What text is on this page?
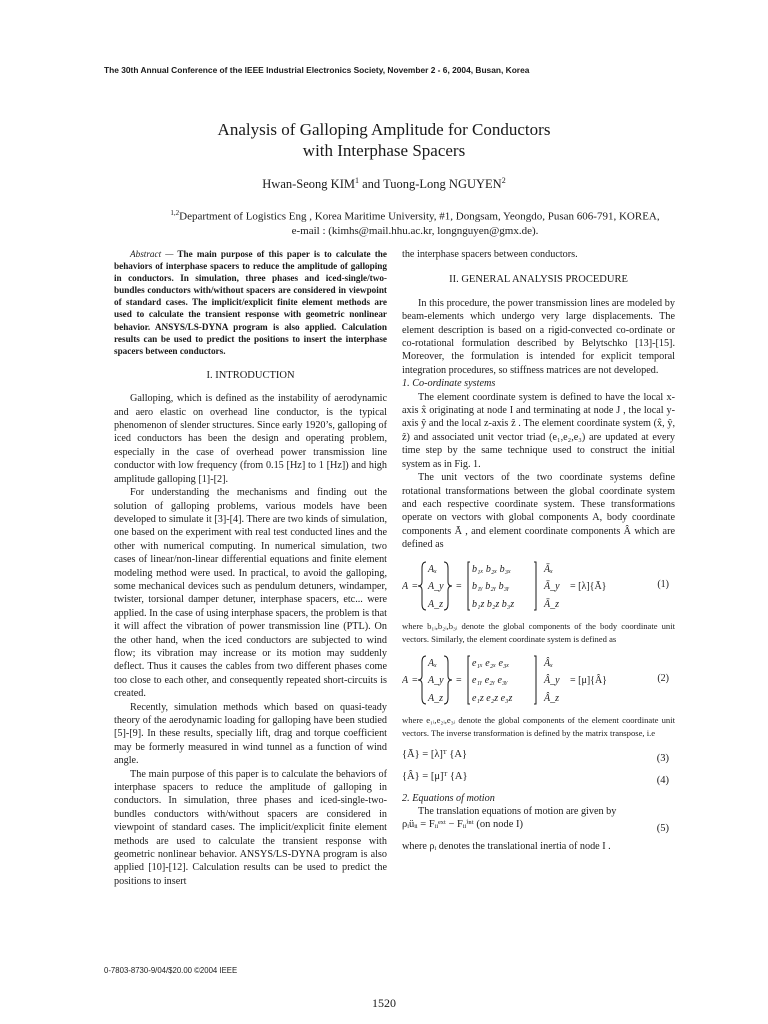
The 30th Annual Conference of the IEEE Industrial Electronics Society, November 2 - 6, 2004, Busan, Korea
Analysis of Galloping Amplitude for Conductors
with Interphase Spacers
Hwan-Seong KIM$^1$ and Tuong-Long NGUYEN$^2$
$^{1,2}$Department of Logistics Eng , Korea Maritime University, #1, Dongsam, Yeongdo, Pusan 606-791, KOREA,
e-mail : (kimhs@mail.hhu.ac.kr, longnguyen@gmx.de).

Abstract — The main purpose of this paper is to calculate the behaviors of interphase spacers to reduce the amplitude of galloping in conductors. In simulation, three phases and iced-single/two-bundles conductors with/without spacers are considered in viewpoint of standard cases. The implicit/explicit finite element methods are used to calculate the transient response with geometric nonlinear behavior. ANSYS/LS-DYNA program is also applied. Calculation results can be used to predict the positions to insert the interphase spacers between conductors.

I. INTRODUCTION

Galloping, which is defined as the instability of aerodynamic and aero elastic on overhead line conductor, is the typical phenomenon of slender structures. Since early 1920’s, galloping of iced conductors has been the design and operating problem, especially in the case of overhead power transmission line conductor with low frequency (from 0.15 [Hz] to 1 [Hz]) and high amplitude galloping [1]-[2].

For understanding the mechanisms and finding out the solution of galloping problems, various models have been developed to simulate it [3]-[4]. There are two kinds of simulation, one based on the experiment with real test conducted lines and the other with numerical computing. In numerical simulation, two cases of linear/non-linear differential equations and finite element modeling method were used. In practical, to avoid the galloping, some mechanical devices such as pendulum detuners, windamper, twister, torsional damper detuner, interphase spacers, etc... were applied. In the case of using interphase spacers, the problem is that it will affect the vibration of power transmission line (PTL). On the other hand, when the iced conductors are subjected to wind flow; its vibration may increase or its motion may suddenly deflect. Thus it causes the cables from two different phases come too close to each other, and consequently repeated short-circuits is created.

Recently, simulation methods which based on quasi-teady theory of the aerodynamic loading for galloping have been studied [5]-[9]. In these results, specially lift, drag and torque coefficient may be formerly measured in wind tunnel as a function of wind angle.

The main purpose of this paper is to calculate the behaviors of interphase spacers to reduce the amplitude of galloping in conductors. In simulation, three phases and iced-single-two-bundles conductors with/without spacers are considered in viewpoint of standard cases. The implicit/explicit finite element methods are used to calculate the transient response with geometric nonlinear behavior. ANSYS/LS-DYNA program is also applied [10]-[12]. Calculation results can be used to predict the positions to insert

the interphase spacers between conductors.

II. GENERAL ANALYSIS PROCEDURE

In this procedure, the power transmission lines are modeled by beam-elements which undergo very large displacements. The element description is based on a rigid-convected co-ordinate or co-rotational formulation described by Belytschko [13]-[15]. Moreover, the formulation is intended for explicit temporal integration procedures, so stiffness matrices are not developed.

1. Co-ordinate systems

The element coordinate system is defined to have the local x-axis x̂ originating at node I and terminating at node J , the local y-axis ŷ and the local z-axis ẑ . The element coordinate system (x̂, ŷ, ẑ) and associated unit vector triad (e₁,e₂,e₃) are updated at every time step by the same technique used to construct the initial system as in Fig. 1.

The unit vectors of the two coordinate systems define rotational transformations between the global coordinate system and each respective coordinate system. These transformations operate on vectors with global components A, body coordinate components Ā , and element coordinate components Â which are defined as

A =
Aₓ
A_y
A_z
=
b₁ₓ b₂ₓ b₃ₓ
b₁ᵧ b₂ᵧ b₃ᵧ
b₁z b₂z b₃z
Āₓ
Ā_y
Ā_z
= [λ]{Ā}	(1)

where b₁ᵢ,b₂ᵢ,b₃ᵢ denote the global components of the body coordinate unit vectors. Similarly, the element coordinate system is defined as

A =
Aₓ
A_y
A_z
=
e₁ₓ e₂ₓ e₃ₓ
e₁ᵧ e₂ᵧ e₃ᵧ
e₁z e₂z e₃z
Âₓ
Â_y
Â_z
= [μ]{Â}	(2)

where e₁ᵢ,e₂ᵢ,e₃ᵢ denote the global components of the element coordinate unit vectors. The inverse transformation is defined by the matrix transpose, i.e

{Ā} = [λ]ᵀ {A}	(3)
{Â} = [μ]ᵀ {A}	(4)

2. Equations of motion

The translation equations of motion are given by

ρᵢüᵢᵢ = Fᵢᵢᵉˣᵗ − Fᵢᵢⁱⁿᵗ (on node I)	(5)

where ρᵢ denotes the translational inertia of node I .

0-7803-8730-9/04/$20.00 ©2004 IEEE
1520
